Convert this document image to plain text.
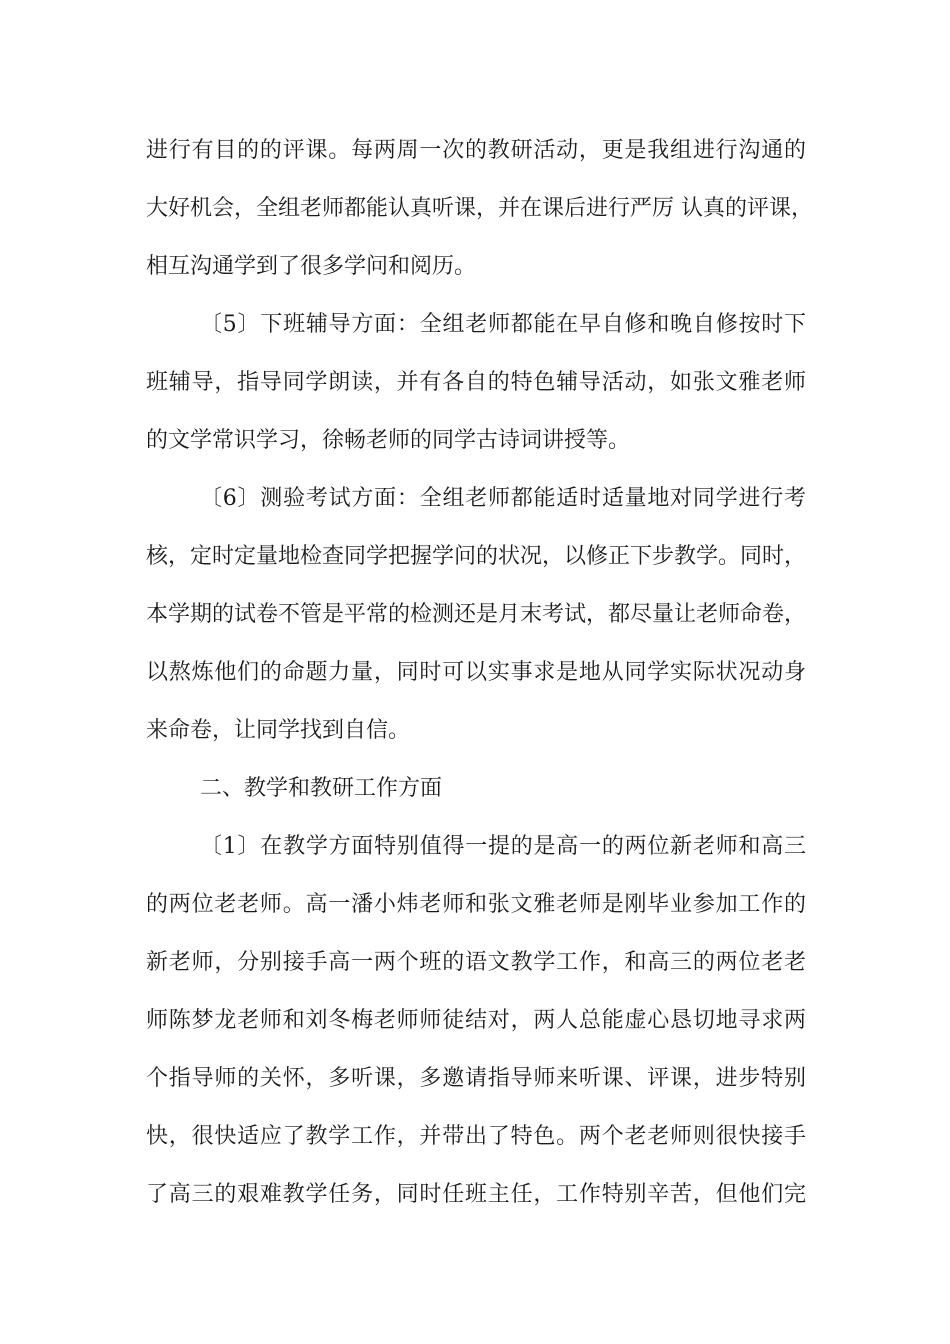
进行有目的的评课。每两周一次的教研活动，更是我组进行沟通的
大好机会，全组老师都能认真听课，并在课后进行严厉 认真的评课，
相互沟通学到了很多学问和阅历。
〔5〕下班辅导方面：全组老师都能在早自修和晚自修按时下
班辅导，指导同学朗读，并有各自的特色辅导活动，如张文雅老师
的文学常识学习，徐畅老师的同学古诗词讲授等。
〔6〕测验考试方面：全组老师都能适时适量地对同学进行考
核，定时定量地检查同学把握学问的状况，以修正下步教学。同时，
本学期的试卷不管是平常的检测还是月末考试，都尽量让老师命卷，
以熬炼他们的命题力量，同时可以实事求是地从同学实际状况动身
来命卷，让同学找到自信。
二、教学和教研工作方面
〔1〕在教学方面特别值得一提的是高一的两位新老师和高三
的两位老老师。高一潘小炜老师和张文雅老师是刚毕业参加工作的
新老师，分别接手高一两个班的语文教学工作，和高三的两位老老
师陈梦龙老师和刘冬梅老师师徒结对，两人总能虚心恳切地寻求两
个指导师的关怀，多听课，多邀请指导师来听课、评课，进步特别
快，很快适应了教学工作，并带出了特色。两个老老师则很快接手
了高三的艰难教学任务，同时任班主任，工作特别辛苦，但他们完
